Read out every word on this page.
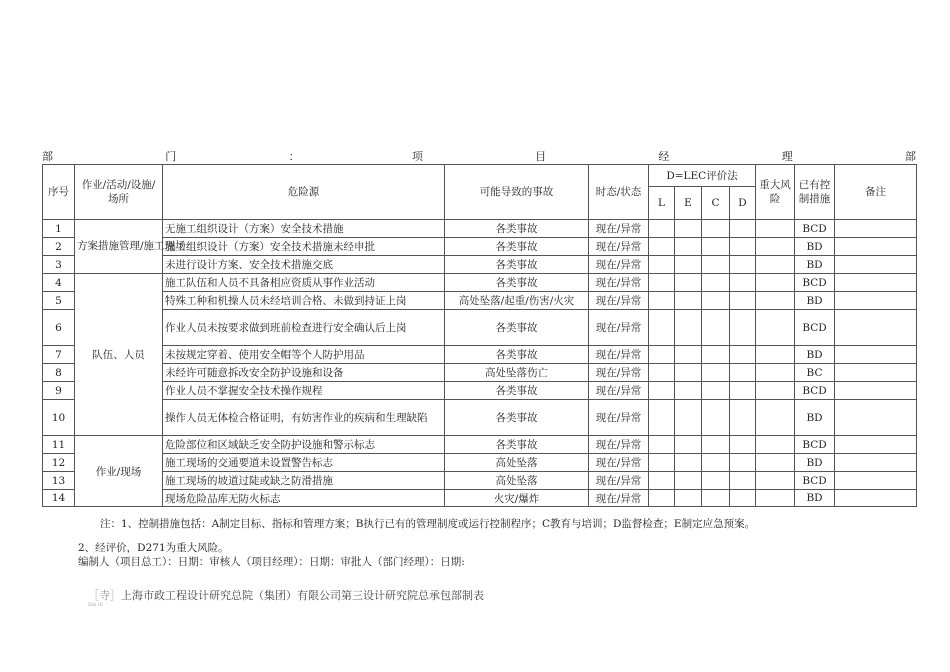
部	门	：	项	目	经	理	部
序号	作业/活动/设施/场所	危险源	可能导致的事故	时态/状态	D=LEC评价法				重大风险	已有控制措施	备注
					L	E	C	D			
1	方案措施管理/施工现场	无施工组织设计（方案）安全技术措施	各类事故	现在/异常						BCD	
2		施工组织设计（方案）安全技术措施未经申批	各类事故	现在/异常						BD	
3		未进行设计方案、安全技术措施交底	各类事故	现在/异常						BD	
4	队伍、人员	施工队伍和人员不具备相应资质从事作业活动	各类事故	现在/异常						BCD	
5		特殊工种和机操人员未经培训合格、未做到持证上岗	高处坠落/起重/伤害/火灾	现在/异常						BD	
6		作业人员未按要求做到班前检查进行安全确认后上岗	各类事故	现在/异常						BCD	
7		未按规定穿着、使用安全帽等个人防护用品	各类事故	现在/异常						BD	
8		未经许可随意拆改安全防护设施和设备	高处坠落伤亡	现在/异常						BC	
9		作业人员不掌握安全技术操作规程	各类事故	现在/异常						BCD	
10		操作人员无体检合格证明，有妨害作业的疾病和生理缺陷	各类事故	现在/异常						BD	
11	作业/现场	危险部位和区域缺乏安全防护设施和警示标志	各类事故	现在/异常						BCD	
12		施工现场的交通要道未设置警告标志	高处坠落	现在/异常						BD	
13		施工现场的坡道过陡或缺之防滑措施	高处坠落	现在/异常						BCD	
14		现场危险品库无防火标志	火灾/爆炸	现在/异常						BD	
注：1、控制措施包括：A制定目标、指标和管理方案；B执行已有的管理制度或运行控制程序；C教育与培训；D监督检查；E制定应急预案。
2、经评价，D271为重大风险。
编制人（项目总工）：日期：审核人（项目经理）：日期：审批人（部门经理）：日期:
［寺］上海市政工程设计研究总院（集团）有限公司第三设计研究院总承包部制表
Ilm lll
